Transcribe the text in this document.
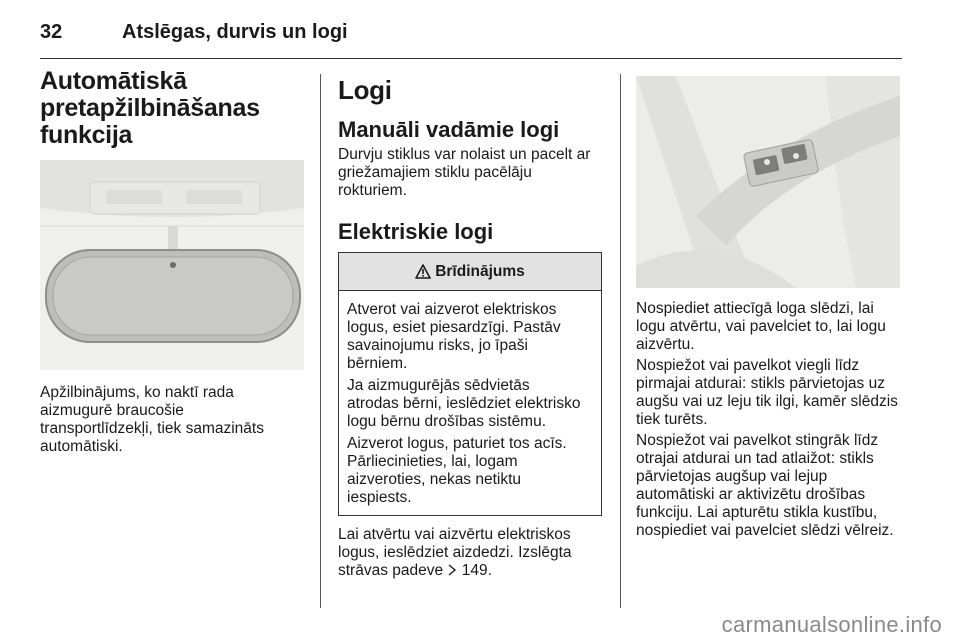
32	Atslēgas, durvis un logi
Automātiskā
pretapžilbināšanas
funkcija
Apžilbinājums, ko naktī rada
aizmugurē braucošie
transportlīdzekļi, tiek samazināts
automātiski.
Logi
Manuāli vadāmie logi
Durvju stiklus var nolaist un pacelt ar
griežamajiem stiklu pacēlāju
rokturiem.
Elektriskie logi
Brīdinājums

Atverot vai aizverot elektriskos
logus, esiet piesardzīgi. Pastāv
savainojumu risks, jo īpaši
bērniem.

Ja aizmugurējās sēdvietās
atrodas bērni, ieslēdziet elektrisko
logu bērnu drošības sistēmu.

Aizverot logus, paturiet tos acīs.
Pārliecinieties, lai, logam
aizveroties, nekas netiktu
iespiests.

Lai atvērtu vai aizvērtu elektriskos
logus, ieslēdziet aizdedzi. Izslēgta
strāvas padeve 149.

Nospiediet attiecīgā loga slēdzi, lai
logu atvērtu, vai pavelciet to, lai logu
aizvērtu.

Nospiežot vai pavelkot viegli līdz
pirmajai atdurai: stikls pārvietojas uz
augšu vai uz leju tik ilgi, kamēr slēdzis
tiek turēts.

Nospiežot vai pavelkot stingrāk līdz
otrajai atdurai un tad atlaižot: stikls
pārvietojas augšup vai lejup
automātiski ar aktivizētu drošības
funkciju. Lai apturētu stikla kustību,
nospiediet vai pavelciet slēdzi vēlreiz.

carmanualsonline.info
